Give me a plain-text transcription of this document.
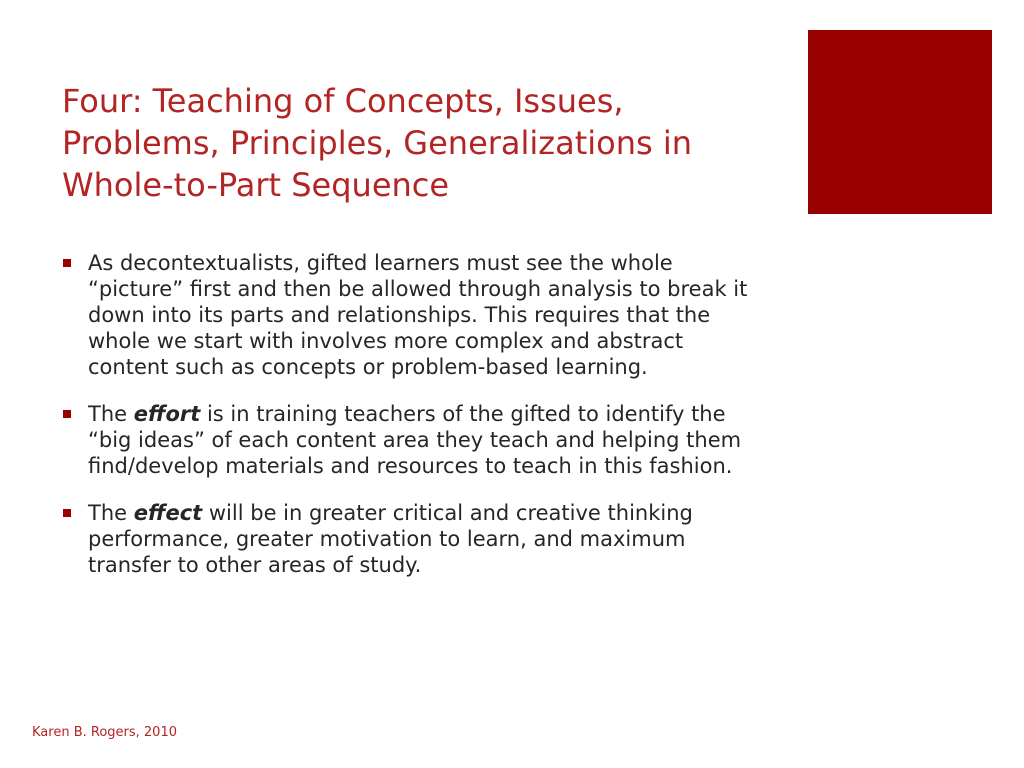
Four: Teaching of Concepts, Issues, Problems, Principles, Generalizations in Whole-to-Part Sequence
As decontextualists, gifted learners must see the whole “picture” first and then be allowed through analysis to break it down into its parts and relationships. This requires that the whole we start with involves more complex and abstract content such as concepts or problem-based learning.
The effort is in training teachers of the gifted to identify the “big ideas” of each content area they teach and helping them find/develop materials and resources to teach in this fashion.
The effect will be in greater critical and creative thinking performance, greater motivation to learn, and maximum transfer to other areas of study.

Karen B. Rogers, 2010
